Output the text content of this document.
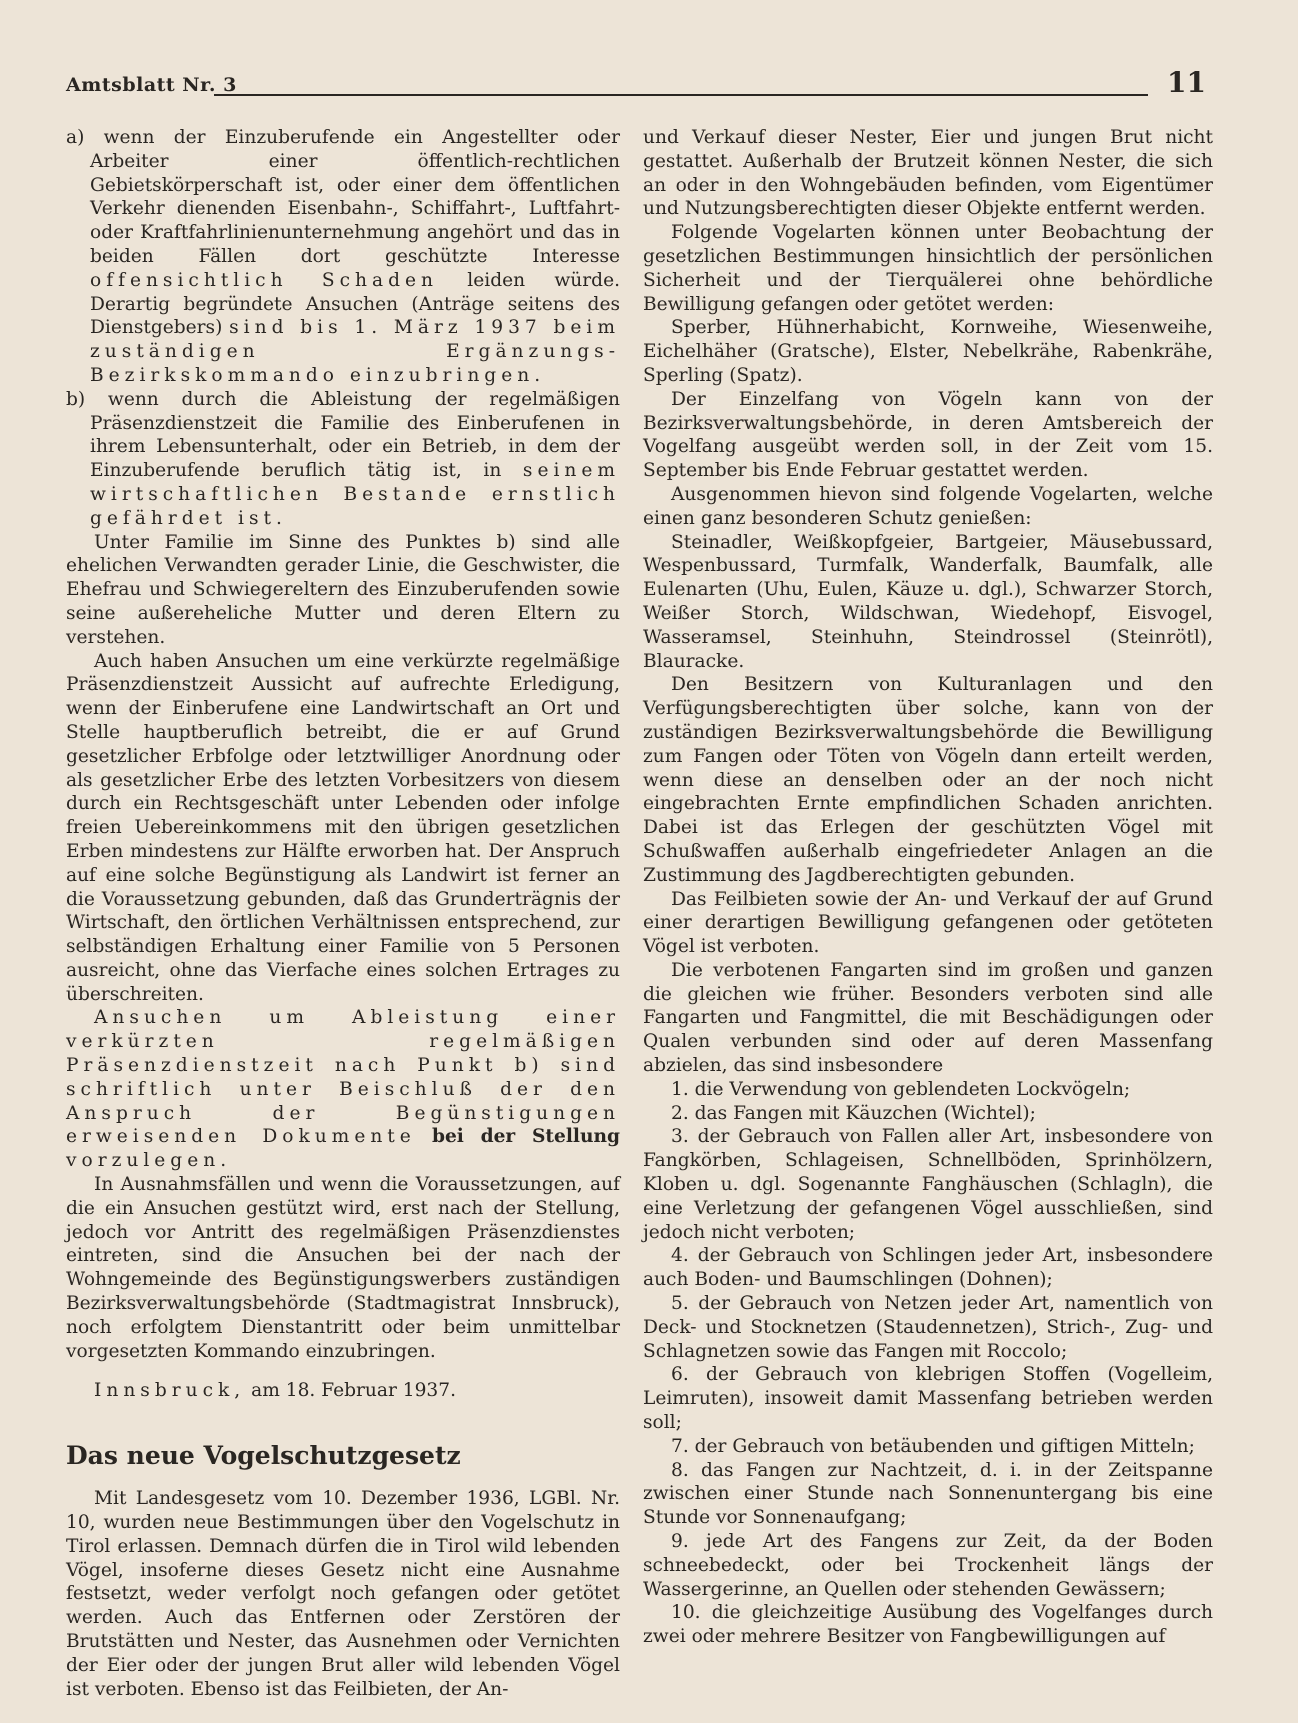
Amtsblatt Nr. 3	11

a) wenn der Einzuberufende ein Angestellter oder Arbeiter einer öffentlich-rechtlichen Gebietskörperschaft ist, oder einer dem öffentlichen Verkehr dienenden Eisenbahn-, Schiffahrt-, Luftfahrt- oder Kraftfahrlinienunternehmung angehört und das in beiden Fällen dort geschützte Interesse offensichtlich Schaden leiden würde. Derartig begründete Ansuchen (Anträge seitens des Dienstgebers) sind bis 1. März 1937 beim zuständigen Ergänzungs-Bezirkskommando einzubringen.

b) wenn durch die Ableistung der regelmäßigen Präsenzdienstzeit die Familie des Einberufenen in ihrem Lebensunterhalt, oder ein Betrieb, in dem der Einzuberufende beruflich tätig ist, in seinem wirtschaftlichen Bestande ernstlich gefährdet ist.

Unter Familie im Sinne des Punktes b) sind alle ehelichen Verwandten gerader Linie, die Geschwister, die Ehefrau und Schwiegereltern des Einzuberufenden sowie seine außereheliche Mutter und deren Eltern zu verstehen.

Auch haben Ansuchen um eine verkürzte regelmäßige Präsenzdienstzeit Aussicht auf aufrechte Erledigung, wenn der Einberufene eine Landwirtschaft an Ort und Stelle hauptberuflich betreibt, die er auf Grund gesetzlicher Erbfolge oder letztwilliger Anordnung oder als gesetzlicher Erbe des letzten Vorbesitzers von diesem durch ein Rechtsgeschäft unter Lebenden oder infolge freien Uebereinkommens mit den übrigen gesetzlichen Erben mindestens zur Hälfte erworben hat. Der Anspruch auf eine solche Begünstigung als Landwirt ist ferner an die Voraussetzung gebunden, daß das Grunderträgnis der Wirtschaft, den örtlichen Verhältnissen entsprechend, zur selbständigen Erhaltung einer Familie von 5 Personen ausreicht, ohne das Vierfache eines solchen Ertrages zu überschreiten.

Ansuchen um Ableistung einer verkürzten regelmäßigen Präsenzdienstzeit nach Punkt b) sind schriftlich unter Beischluß der den Anspruch der Begünstigungen erweisenden Dokumente bei der Stellung vorzulegen.

In Ausnahmsfällen und wenn die Voraussetzungen, auf die ein Ansuchen gestützt wird, erst nach der Stellung, jedoch vor Antritt des regelmäßigen Präsenzdienstes eintreten, sind die Ansuchen bei der nach der Wohngemeinde des Begünstigungswerbers zuständigen Bezirksverwaltungsbehörde (Stadtmagistrat Innsbruck), noch erfolgtem Dienstantritt oder beim unmittelbar vorgesetzten Kommando einzubringen.

Innsbruck, am 18. Februar 1937.

Das neue Vogelschutzgesetz

Mit Landesgesetz vom 10. Dezember 1936, LGBl. Nr. 10, wurden neue Bestimmungen über den Vogelschutz in Tirol erlassen. Demnach dürfen die in Tirol wild lebenden Vögel, insoferne dieses Gesetz nicht eine Ausnahme festsetzt, weder verfolgt noch gefangen oder getötet werden. Auch das Entfernen oder Zerstören der Brutstätten und Nester, das Ausnehmen oder Vernichten der Eier oder der jungen Brut aller wild lebenden Vögel ist verboten. Ebenso ist das Feilbieten, der An-

und Verkauf dieser Nester, Eier und jungen Brut nicht gestattet. Außerhalb der Brutzeit können Nester, die sich an oder in den Wohngebäuden befinden, vom Eigentümer und Nutzungsberechtigten dieser Objekte entfernt werden.

Folgende Vogelarten können unter Beobachtung der gesetzlichen Bestimmungen hinsichtlich der persönlichen Sicherheit und der Tierquälerei ohne behördliche Bewilligung gefangen oder getötet werden:

Sperber, Hühnerhabicht, Kornweihe, Wiesenweihe, Eichelhäher (Gratsche), Elster, Nebelkrähe, Rabenkrähe, Sperling (Spatz).

Der Einzelfang von Vögeln kann von der Bezirksverwaltungsbehörde, in deren Amtsbereich der Vogelfang ausgeübt werden soll, in der Zeit vom 15. September bis Ende Februar gestattet werden.

Ausgenommen hievon sind folgende Vogelarten, welche einen ganz besonderen Schutz genießen:

Steinadler, Weißkopfgeier, Bartgeier, Mäusebussard, Wespenbussard, Turmfalk, Wanderfalk, Baumfalk, alle Eulenarten (Uhu, Eulen, Käuze u. dgl.), Schwarzer Storch, Weißer Storch, Wildschwan, Wiedehopf, Eisvogel, Wasseramsel, Steinhuhn, Steindrossel (Steinrötl), Blauracke.

Den Besitzern von Kulturanlagen und den Verfügungsberechtigten über solche, kann von der zuständigen Bezirksverwaltungsbehörde die Bewilligung zum Fangen oder Töten von Vögeln dann erteilt werden, wenn diese an denselben oder an der noch nicht eingebrachten Ernte empfindlichen Schaden anrichten. Dabei ist das Erlegen der geschützten Vögel mit Schußwaffen außerhalb eingefriedeter Anlagen an die Zustimmung des Jagdberechtigten gebunden.

Das Feilbieten sowie der An- und Verkauf der auf Grund einer derartigen Bewilligung gefangenen oder getöteten Vögel ist verboten.

Die verbotenen Fangarten sind im großen und ganzen die gleichen wie früher. Besonders verboten sind alle Fangarten und Fangmittel, die mit Beschädigungen oder Qualen verbunden sind oder auf deren Massenfang abzielen, das sind insbesondere

1. die Verwendung von geblendeten Lockvögeln;

2. das Fangen mit Käuzchen (Wichtel);

3. der Gebrauch von Fallen aller Art, insbesondere von Fangkörben, Schlageisen, Schnellböden, Sprinhölzern, Kloben u. dgl. Sogenannte Fanghäuschen (Schlagln), die eine Verletzung der gefangenen Vögel ausschließen, sind jedoch nicht verboten;

4. der Gebrauch von Schlingen jeder Art, insbesondere auch Boden- und Baumschlingen (Dohnen);

5. der Gebrauch von Netzen jeder Art, namentlich von Deck- und Stocknetzen (Staudennetzen), Strich-, Zug- und Schlagnetzen sowie das Fangen mit Roccolo;

6. der Gebrauch von klebrigen Stoffen (Vogelleim, Leimruten), insoweit damit Massenfang betrieben werden soll;

7. der Gebrauch von betäubenden und giftigen Mitteln;

8. das Fangen zur Nachtzeit, d. i. in der Zeitspanne zwischen einer Stunde nach Sonnenuntergang bis eine Stunde vor Sonnenaufgang;

9. jede Art des Fangens zur Zeit, da der Boden schneebedeckt, oder bei Trockenheit längs der Wassergerinne, an Quellen oder stehenden Gewässern;

10. die gleichzeitige Ausübung des Vogelfanges durch zwei oder mehrere Besitzer von Fangbewilligungen auf
